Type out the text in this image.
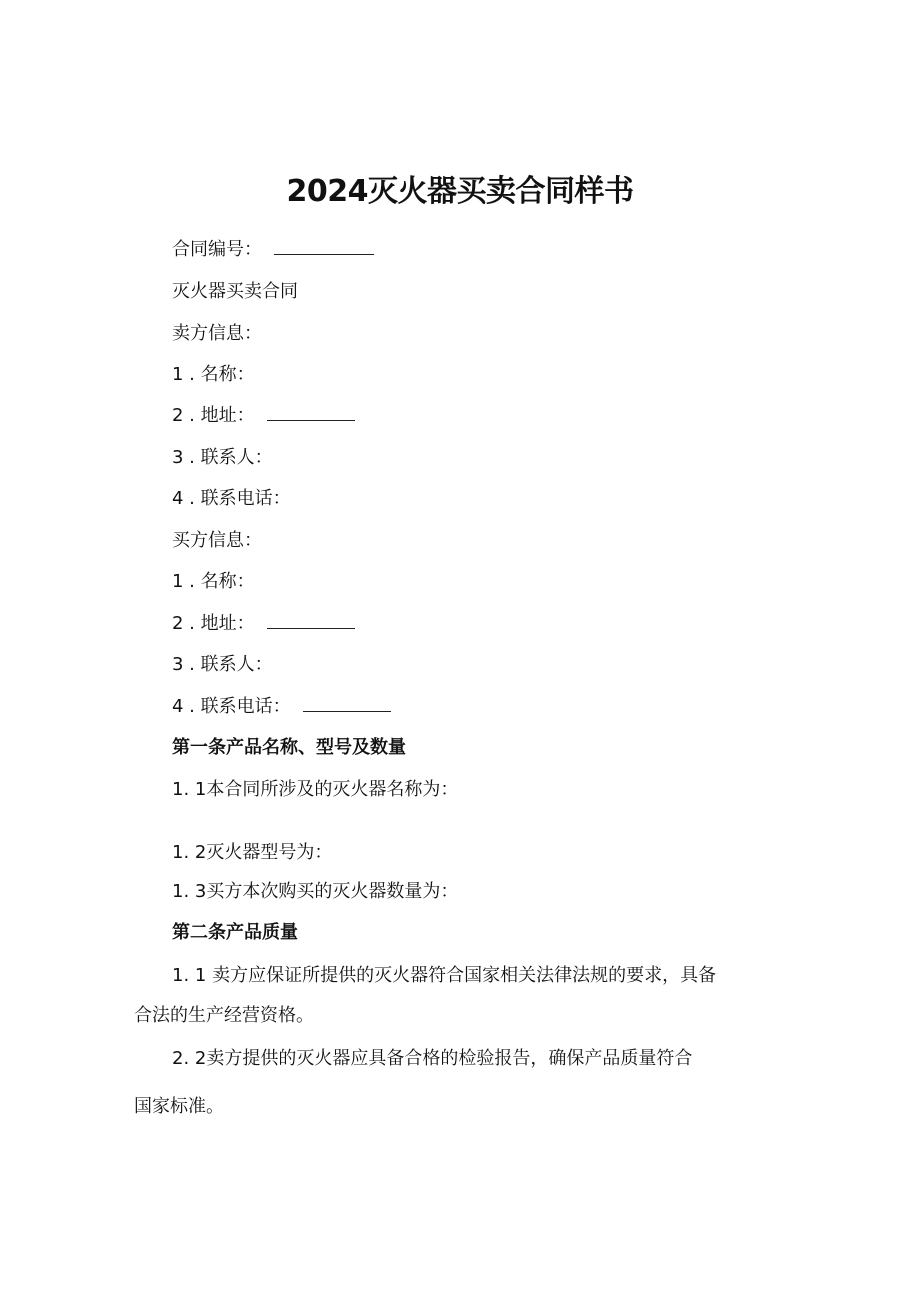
2024灭火器买卖合同样书
合同编号：
灭火器买卖合同
卖方信息：
1 . 名称：
2 . 地址：
3 . 联系人：
4 . 联系电话：
买方信息：
1 . 名称：
2 . 地址：
3 . 联系人：
4 . 联系电话：
第一条产品名称、型号及数量
1. 1本合同所涉及的灭火器名称为：
1. 2灭火器型号为：
1. 3买方本次购买的灭火器数量为：
第二条产品质量
1. 1 卖方应保证所提供的灭火器符合国家相关法律法规的要求，具备
合法的生产经营资格。
2. 2卖方提供的灭火器应具备合格的检验报告，确保产品质量符合
国家标准。
